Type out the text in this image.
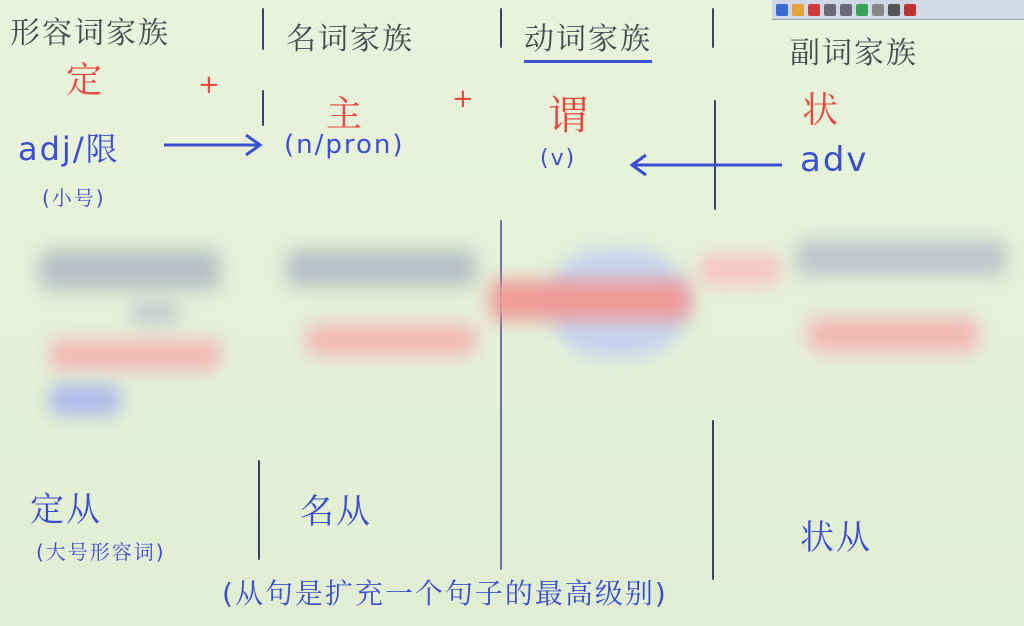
形容词家族	名词家族	动词家族	副词家族
定	+
主	+ 谓	状
adj/限
(小号)
(n/pron)	(v)	adv
定从
(大号形容词)
名从
状从
(从句是扩充一个句子的最高级别)
